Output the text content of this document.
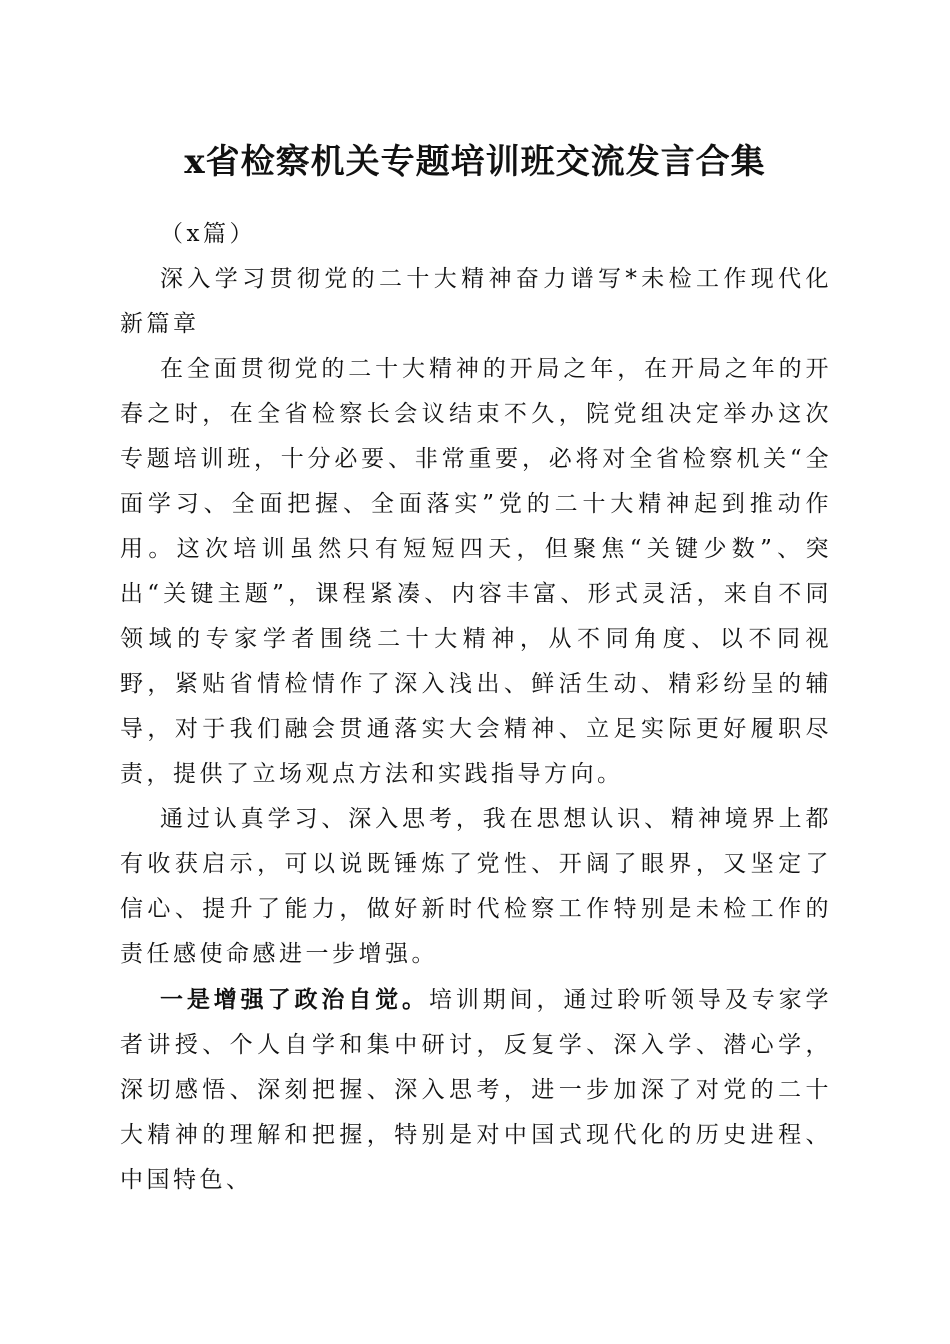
x省检察机关专题培训班交流发言合集

（x篇）

深入学习贯彻党的二十大精神奋力谱写*未检工作现代化新篇章

在全面贯彻党的二十大精神的开局之年，在开局之年的开春之时，在全省检察长会议结束不久，院党组决定举办这次专题培训班，十分必要、非常重要，必将对全省检察机关“全面学习、全面把握、全面落实”党的二十大精神起到推动作用。这次培训虽然只有短短四天，但聚焦“关键少数”、突出“关键主题”，课程紧凑、内容丰富、形式灵活，来自不同领域的专家学者围绕二十大精神，从不同角度、以不同视野，紧贴省情检情作了深入浅出、鲜活生动、精彩纷呈的辅导，对于我们融会贯通落实大会精神、立足实际更好履职尽责，提供了立场观点方法和实践指导方向。

通过认真学习、深入思考，我在思想认识、精神境界上都有收获启示，可以说既锤炼了党性、开阔了眼界，又坚定了信心、提升了能力，做好新时代检察工作特别是未检工作的责任感使命感进一步增强。

一是增强了政治自觉。培训期间，通过聆听领导及专家学者讲授、个人自学和集中研讨，反复学、深入学、潜心学，深切感悟、深刻把握、深入思考，进一步加深了对党的二十大精神的理解和把握，特别是对中国式现代化的历史进程、中国特色、
